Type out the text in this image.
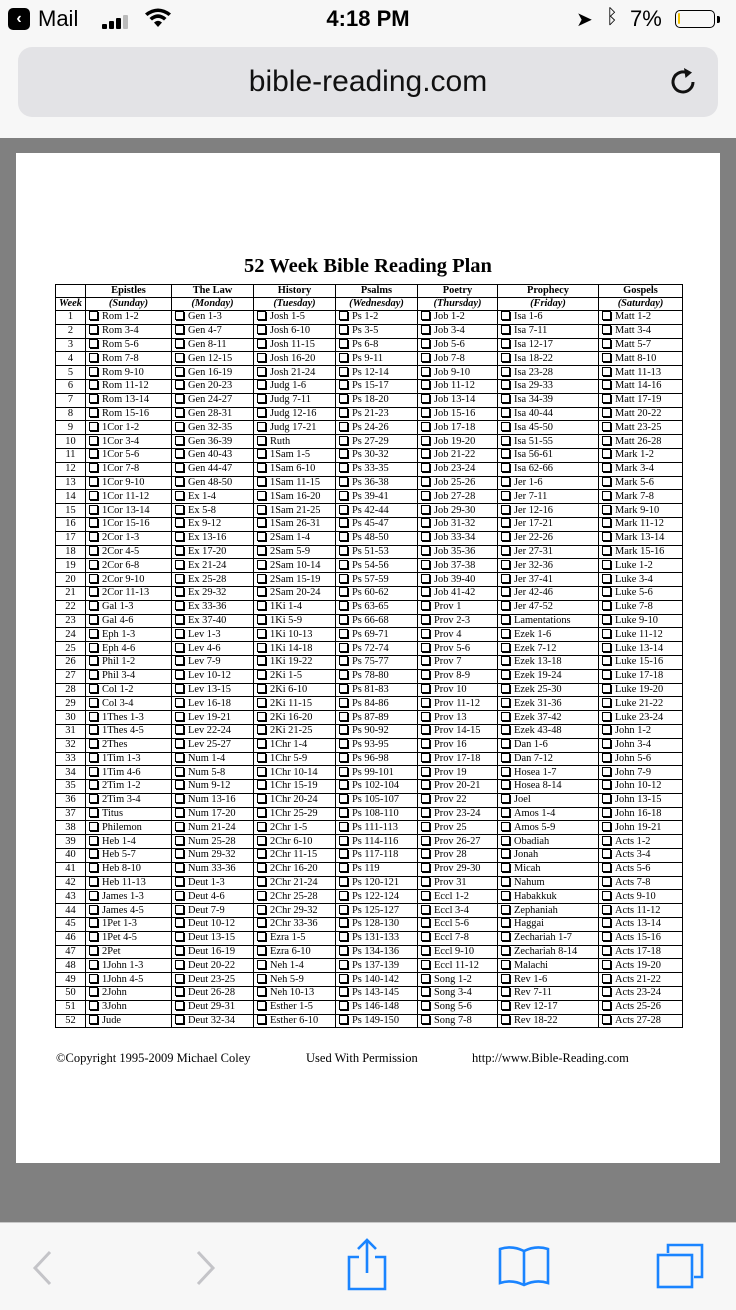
‹ Mail	4:18 PM	➤ ᛒ 7%
bible-reading.com
52 Week Bible Reading Plan
	Epistles	The Law	History	Psalms	Poetry	Prophecy	Gospels
Week	(Sunday)	(Monday)	(Tuesday)	(Wednesday)	(Thursday)	(Friday)	(Saturday)
1	Rom 1-2	Gen 1-3	Josh 1-5	Ps 1-2	Job 1-2	Isa 1-6	Matt 1-2
2	Rom 3-4	Gen 4-7	Josh 6-10	Ps 3-5	Job 3-4	Isa 7-11	Matt 3-4
3	Rom 5-6	Gen 8-11	Josh 11-15	Ps 6-8	Job 5-6	Isa 12-17	Matt 5-7
4	Rom 7-8	Gen 12-15	Josh 16-20	Ps 9-11	Job 7-8	Isa 18-22	Matt 8-10
5	Rom 9-10	Gen 16-19	Josh 21-24	Ps 12-14	Job 9-10	Isa 23-28	Matt 11-13
6	Rom 11-12	Gen 20-23	Judg 1-6	Ps 15-17	Job 11-12	Isa 29-33	Matt 14-16
7	Rom 13-14	Gen 24-27	Judg 7-11	Ps 18-20	Job 13-14	Isa 34-39	Matt 17-19
8	Rom 15-16	Gen 28-31	Judg 12-16	Ps 21-23	Job 15-16	Isa 40-44	Matt 20-22
9	1Cor 1-2	Gen 32-35	Judg 17-21	Ps 24-26	Job 17-18	Isa 45-50	Matt 23-25
10	1Cor 3-4	Gen 36-39	Ruth	Ps 27-29	Job 19-20	Isa 51-55	Matt 26-28
11	1Cor 5-6	Gen 40-43	1Sam 1-5	Ps 30-32	Job 21-22	Isa 56-61	Mark 1-2
12	1Cor 7-8	Gen 44-47	1Sam 6-10	Ps 33-35	Job 23-24	Isa 62-66	Mark 3-4
13	1Cor 9-10	Gen 48-50	1Sam 11-15	Ps 36-38	Job 25-26	Jer 1-6	Mark 5-6
14	1Cor 11-12	Ex 1-4	1Sam 16-20	Ps 39-41	Job 27-28	Jer 7-11	Mark 7-8
15	1Cor 13-14	Ex 5-8	1Sam 21-25	Ps 42-44	Job 29-30	Jer 12-16	Mark 9-10
16	1Cor 15-16	Ex 9-12	1Sam 26-31	Ps 45-47	Job 31-32	Jer 17-21	Mark 11-12
17	2Cor 1-3	Ex 13-16	2Sam 1-4	Ps 48-50	Job 33-34	Jer 22-26	Mark 13-14
18	2Cor 4-5	Ex 17-20	2Sam 5-9	Ps 51-53	Job 35-36	Jer 27-31	Mark 15-16
19	2Cor 6-8	Ex 21-24	2Sam 10-14	Ps 54-56	Job 37-38	Jer 32-36	Luke 1-2
20	2Cor 9-10	Ex 25-28	2Sam 15-19	Ps 57-59	Job 39-40	Jer 37-41	Luke 3-4
21	2Cor 11-13	Ex 29-32	2Sam 20-24	Ps 60-62	Job 41-42	Jer 42-46	Luke 5-6
22	Gal 1-3	Ex 33-36	1Ki 1-4	Ps 63-65	Prov 1	Jer 47-52	Luke 7-8
23	Gal 4-6	Ex 37-40	1Ki 5-9	Ps 66-68	Prov 2-3	Lamentations	Luke 9-10
24	Eph 1-3	Lev 1-3	1Ki 10-13	Ps 69-71	Prov 4	Ezek 1-6	Luke 11-12
25	Eph 4-6	Lev 4-6	1Ki 14-18	Ps 72-74	Prov 5-6	Ezek 7-12	Luke 13-14
26	Phil 1-2	Lev 7-9	1Ki 19-22	Ps 75-77	Prov 7	Ezek 13-18	Luke 15-16
27	Phil 3-4	Lev 10-12	2Ki 1-5	Ps 78-80	Prov 8-9	Ezek 19-24	Luke 17-18
28	Col 1-2	Lev 13-15	2Ki 6-10	Ps 81-83	Prov 10	Ezek 25-30	Luke 19-20
29	Col 3-4	Lev 16-18	2Ki 11-15	Ps 84-86	Prov 11-12	Ezek 31-36	Luke 21-22
30	1Thes 1-3	Lev 19-21	2Ki 16-20	Ps 87-89	Prov 13	Ezek 37-42	Luke 23-24
31	1Thes 4-5	Lev 22-24	2Ki 21-25	Ps 90-92	Prov 14-15	Ezek 43-48	John 1-2
32	2Thes	Lev 25-27	1Chr 1-4	Ps 93-95	Prov 16	Dan 1-6	John 3-4
33	1Tim 1-3	Num 1-4	1Chr 5-9	Ps 96-98	Prov 17-18	Dan 7-12	John 5-6
34	1Tim 4-6	Num 5-8	1Chr 10-14	Ps 99-101	Prov 19	Hosea 1-7	John 7-9
35	2Tim 1-2	Num 9-12	1Chr 15-19	Ps 102-104	Prov 20-21	Hosea 8-14	John 10-12
36	2Tim 3-4	Num 13-16	1Chr 20-24	Ps 105-107	Prov 22	Joel	John 13-15
37	Titus	Num 17-20	1Chr 25-29	Ps 108-110	Prov 23-24	Amos 1-4	John 16-18
38	Philemon	Num 21-24	2Chr 1-5	Ps 111-113	Prov 25	Amos 5-9	John 19-21
39	Heb 1-4	Num 25-28	2Chr 6-10	Ps 114-116	Prov 26-27	Obadiah	Acts 1-2
40	Heb 5-7	Num 29-32	2Chr 11-15	Ps 117-118	Prov 28	Jonah	Acts 3-4
41	Heb 8-10	Num 33-36	2Chr 16-20	Ps 119	Prov 29-30	Micah	Acts 5-6
42	Heb 11-13	Deut 1-3	2Chr 21-24	Ps 120-121	Prov 31	Nahum	Acts 7-8
43	James 1-3	Deut 4-6	2Chr 25-28	Ps 122-124	Eccl 1-2	Habakkuk	Acts 9-10
44	James 4-5	Deut 7-9	2Chr 29-32	Ps 125-127	Eccl 3-4	Zephaniah	Acts 11-12
45	1Pet 1-3	Deut 10-12	2Chr 33-36	Ps 128-130	Eccl 5-6	Haggai	Acts 13-14
46	1Pet 4-5	Deut 13-15	Ezra 1-5	Ps 131-133	Eccl 7-8	Zechariah 1-7	Acts 15-16
47	2Pet	Deut 16-19	Ezra 6-10	Ps 134-136	Eccl 9-10	Zechariah 8-14	Acts 17-18
48	1John 1-3	Deut 20-22	Neh 1-4	Ps 137-139	Eccl 11-12	Malachi	Acts 19-20
49	1John 4-5	Deut 23-25	Neh 5-9	Ps 140-142	Song 1-2	Rev 1-6	Acts 21-22
50	2John	Deut 26-28	Neh 10-13	Ps 143-145	Song 3-4	Rev 7-11	Acts 23-24
51	3John	Deut 29-31	Esther 1-5	Ps 146-148	Song 5-6	Rev 12-17	Acts 25-26
52	Jude	Deut 32-34	Esther 6-10	Ps 149-150	Song 7-8	Rev 18-22	Acts 27-28
©Copyright 1995-2009 Michael Coley	Used With Permission	http://www.Bible-Reading.com
